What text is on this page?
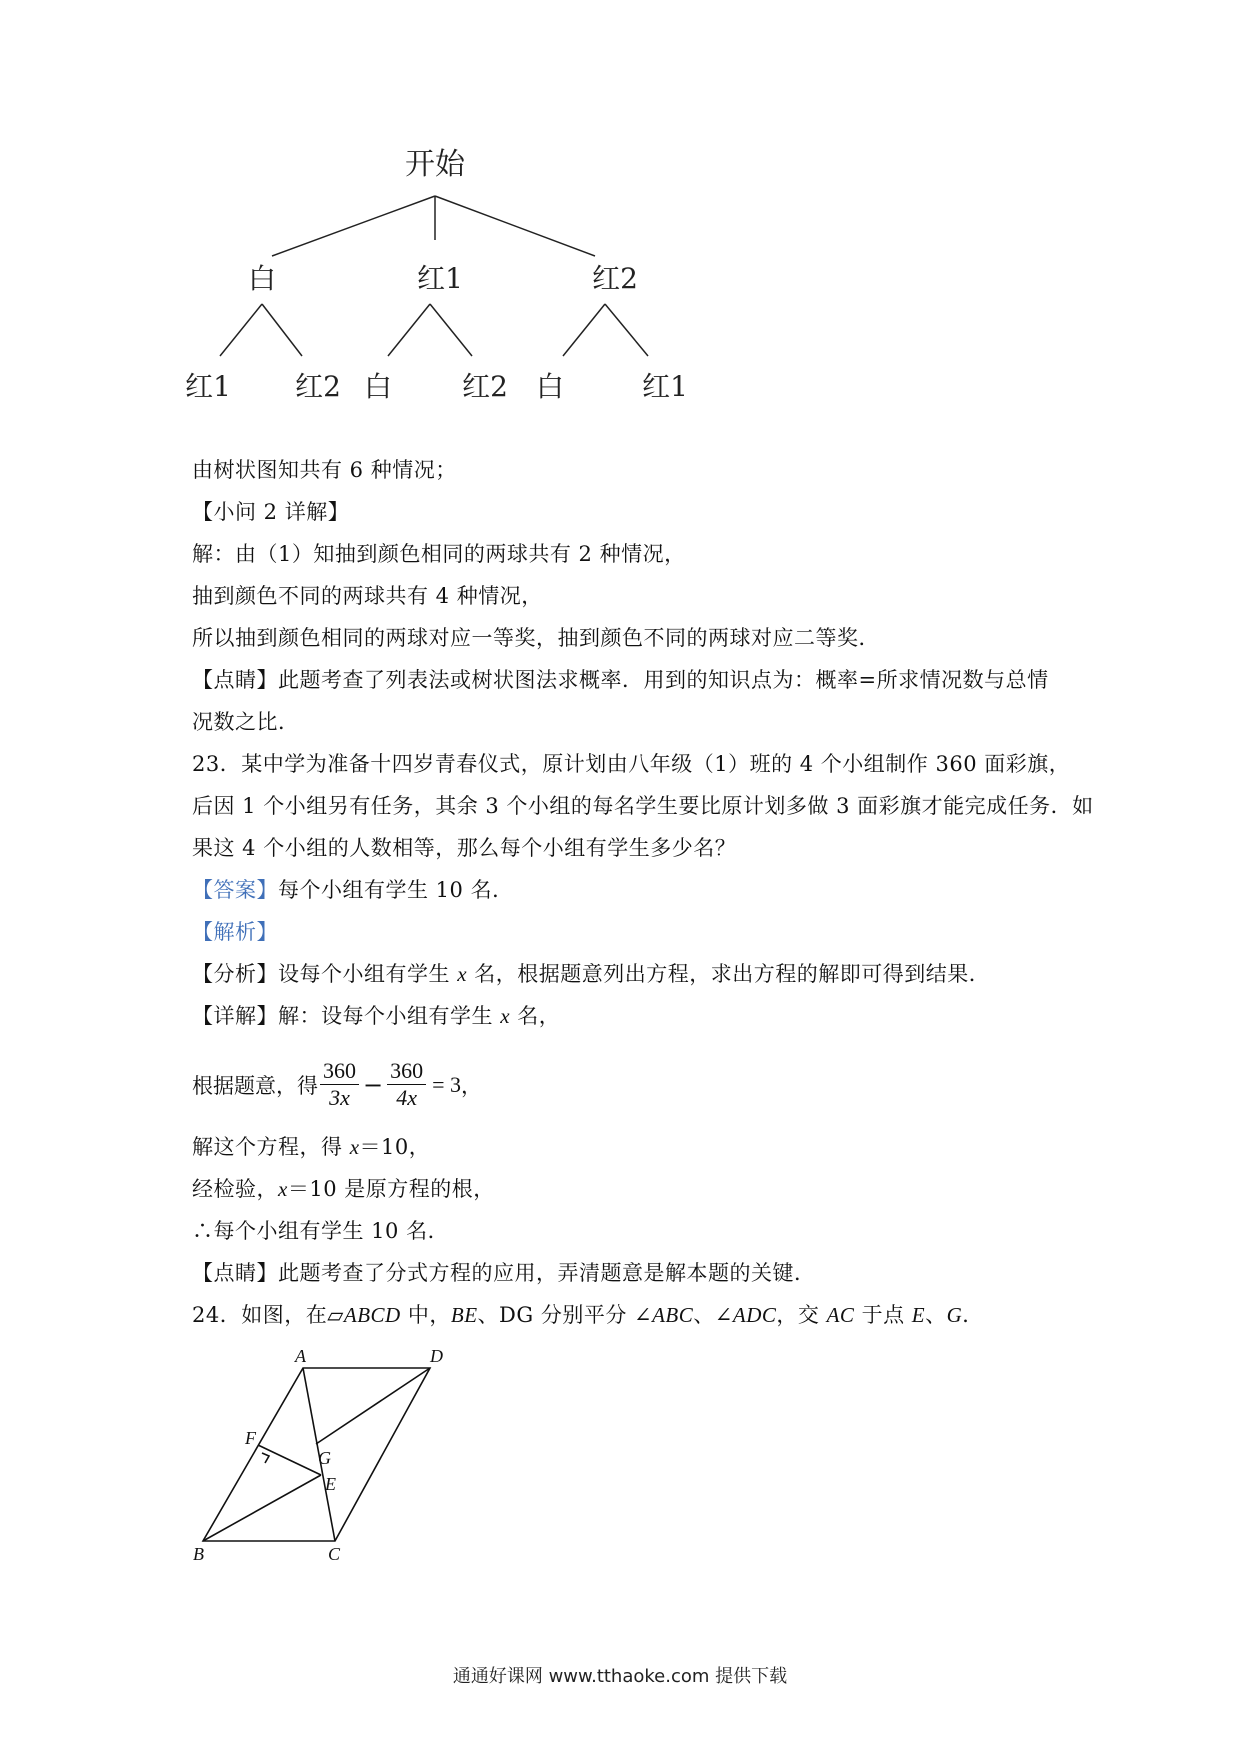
开始
白	红1	红2
红1 红2 白	红2 白	红1
由树状图知共有 6 种情况；
【小问 2 详解】
解：由（1）知抽到颜色相同的两球共有 2 种情况，
抽到颜色不同的两球共有 4 种情况，
所以抽到颜色相同的两球对应一等奖，抽到颜色不同的两球对应二等奖．
【点睛】此题考查了列表法或树状图法求概率．用到的知识点为：概率=所求情况数与总情
况数之比．
23．某中学为准备十四岁青春仪式，原计划由八年级（1）班的 4 个小组制作 360 面彩旗，
后因 1 个小组另有任务，其余 3 个小组的每名学生要比原计划多做 3 面彩旗才能完成任务．如
果这 4 个小组的人数相等，那么每个小组有学生多少名？
【答案】每个小组有学生 10 名．
【解析】
【分析】设每个小组有学生 x 名，根据题意列出方程，求出方程的解即可得到结果．
【详解】解：设每个小组有学生 x 名，
根据题意，得 $\frac{360}{3x} - \frac{360}{4x} = 3$ ，
解这个方程，得 x＝10，
经检验，x＝10 是原方程的根，
∴每个小组有学生 10 名．
【点睛】此题考查了分式方程的应用，弄清题意是解本题的关键．
24．如图，在▱ABCD 中，BE、DG 分别平分 ∠ABC、∠ADC，交 AC 于点 E、G．
A	D
F
G
E
B	C
通通好课网 www.tthaoke.com 提供下载
